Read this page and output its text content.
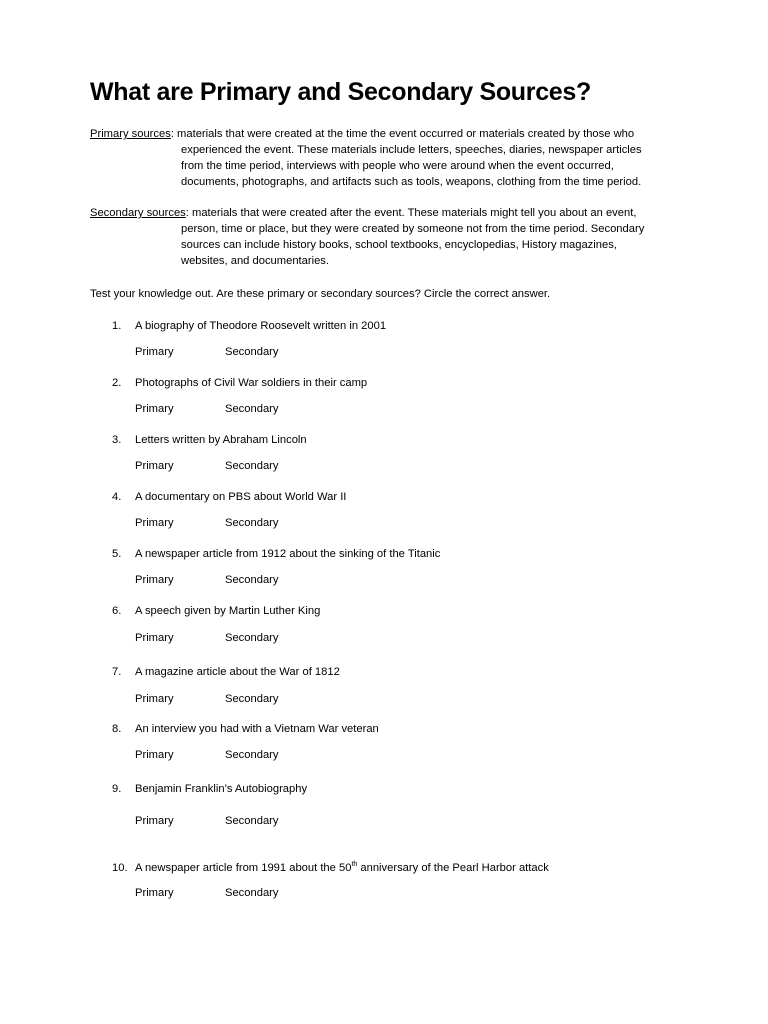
What are Primary and Secondary Sources?
Primary sources: materials that were created at the time the event occurred or materials created by those who
experienced the event. These materials include letters, speeches, diaries, newspaper articles
from the time period, interviews with people who were around when the event occurred,
documents, photographs, and artifacts such as tools, weapons, clothing from the time period.
Secondary sources: materials that were created after the event. These materials might tell you about an event,
person, time or place, but they were created by someone not from the time period. Secondary
sources can include history books, school textbooks, encyclopedias, History magazines,
websites, and documentaries.
Test your knowledge out. Are these primary or secondary sources? Circle the correct answer.
1. A biography of Theodore Roosevelt written in 2001
Primary	Secondary
2. Photographs of Civil War soldiers in their camp
Primary	Secondary
3. Letters written by Abraham Lincoln
Primary	Secondary
4. A documentary on PBS about World War II
Primary	Secondary
5. A newspaper article from 1912 about the sinking of the Titanic
Primary	Secondary
6. A speech given by Martin Luther King
Primary	Secondary
7. A magazine article about the War of 1812
Primary	Secondary
8. An interview you had with a Vietnam War veteran
Primary	Secondary
9. Benjamin Franklin’s Autobiography
Primary	Secondary
10. A newspaper article from 1991 about the 50th anniversary of the Pearl Harbor attack
Primary	Secondary
